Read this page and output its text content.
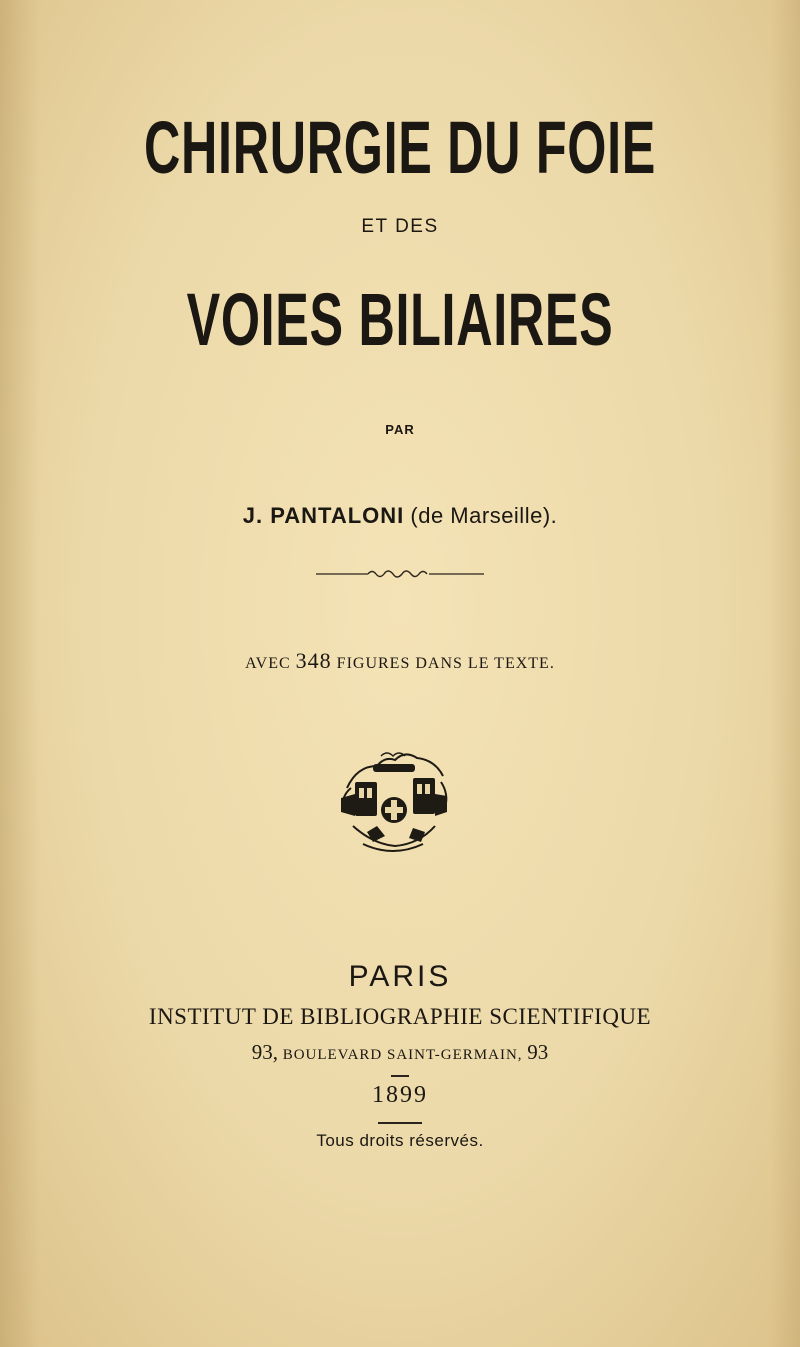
CHIRURGIE DU FOIE
ET DES
VOIES BILIAIRES
PAR
J. PANTALONI (de Marseille).
AVEC 348 FIGURES DANS LE TEXTE.
PARIS
INSTITUT DE BIBLIOGRAPHIE SCIENTIFIQUE
93, BOULEVARD SAINT-GERMAIN, 93
1899
Tous droits réservés.
